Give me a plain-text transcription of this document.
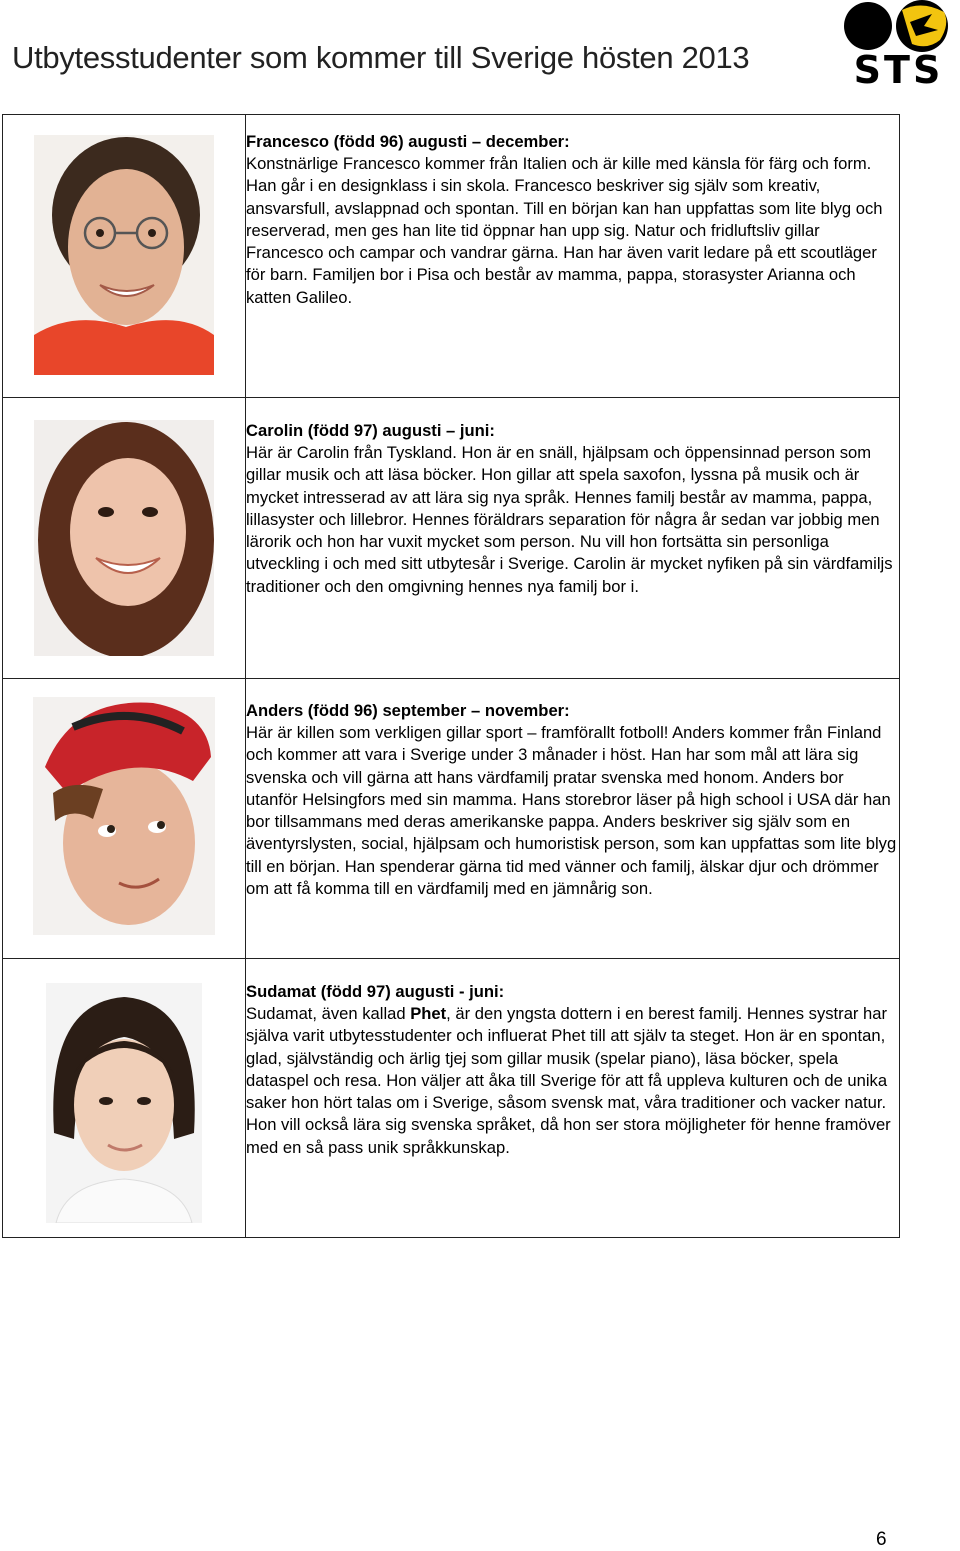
Utbytesstudenter som kommer till Sverige hösten 2013	STS

Francesco (född 96) augusti – december:
Konstnärlige Francesco kommer från Italien och är kille med känsla för färg och form. Han går i en designklass i sin skola. Francesco beskriver sig själv som kreativ, ansvarsfull, avslappnad och spontan. Till en början kan han uppfattas som lite blyg och reserverad, men ges han lite tid öppnar han upp sig. Natur och fridluftsliv gillar Francesco och campar och vandrar gärna. Han har även varit ledare på ett scoutläger för barn. Familjen bor i Pisa och består av mamma, pappa, storasyster Arianna och katten Galileo.

Carolin (född 97) augusti – juni:
Här är Carolin från Tyskland. Hon är en snäll, hjälpsam och öppensinnad person som gillar musik och att läsa böcker. Hon gillar att spela saxofon, lyssna på musik och är mycket intresserad av att lära sig nya språk. Hennes familj består av mamma, pappa, lillasyster och lillebror. Hennes föräldrars separation för några år sedan var jobbig men lärorik och hon har vuxit mycket som person. Nu vill hon fortsätta sin personliga utveckling i och med sitt utbytesår i Sverige. Carolin är mycket nyfiken på sin värdfamiljs traditioner och den omgivning hennes nya familj bor i.

Anders (född 96) september – november:
Här är killen som verkligen gillar sport – framförallt fotboll! Anders kommer från Finland och kommer att vara i Sverige under 3 månader i höst. Han har som mål att lära sig svenska och vill gärna att hans värdfamilj pratar svenska med honom. Anders bor utanför Helsingfors med sin mamma. Hans storebror läser på high school i USA där han bor tillsammans med deras amerikanske pappa. Anders beskriver sig själv som en äventyrslysten, social, hjälpsam och humoristisk person, som kan uppfattas som lite blyg till en början. Han spenderar gärna tid med vänner och familj, älskar djur och drömmer om att få komma till en värdfamilj med en jämnårig son.

Sudamat (född 97) augusti - juni:
Sudamat, även kallad Phet, är den yngsta dottern i en berest familj. Hennes systrar har själva varit utbytesstudenter och influerat Phet till att själv ta steget. Hon är en spontan, glad, självständig och ärlig tjej som gillar musik (spelar piano), läsa böcker, spela dataspel och resa. Hon väljer att åka till Sverige för att få uppleva kulturen och de unika saker hon hört talas om i Sverige, såsom svensk mat, våra traditioner och vacker natur. Hon vill också lära sig svenska språket, då hon ser stora möjligheter för henne framöver med en så pass unik språkkunskap.
6
